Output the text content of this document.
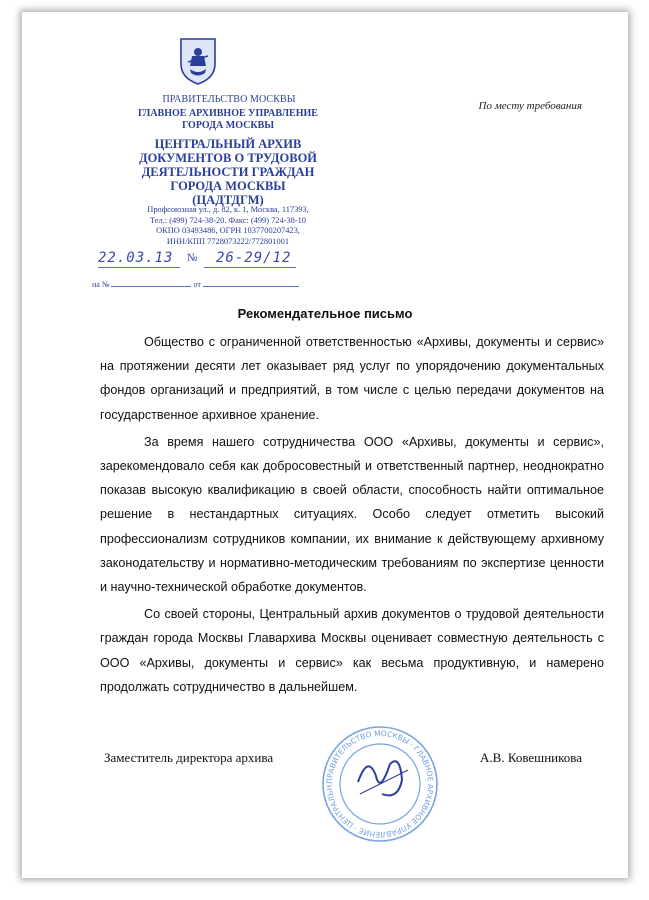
ПРАВИТЕЛЬСТВО МОСКВЫ
ГЛАВНОЕ АРХИВНОЕ УПРАВЛЕНИЕ
ГОРОДА МОСКВЫ
ЦЕНТРАЛЬНЫЙ АРХИВ
ДОКУМЕНТОВ О ТРУДОВОЙ
ДЕЯТЕЛЬНОСТИ ГРАЖДАН
ГОРОДА МОСКВЫ
(ЦАДТДГМ)
Профсоюзная ул., д. 82, к. 1, Москва, 117393,
Тел.: (499) 724-38-20. Факс: (499) 724-38-10
ОКПО 03493486, ОГРН 1037700207423,
ИНН/КПП 7728073222/772801001
По месту требования
22.03.13	№	26-29/12
на №	от
Рекомендательное письмо

Общество с ограниченной ответственностью «Архивы, документы и сервис» на протяжении десяти лет оказывает ряд услуг по упорядочению документальных фондов организаций и предприятий, в том числе с целью передачи документов на государственное архивное хранение.

За время нашего сотрудничества ООО «Архивы, документы и сервис», зарекомендовало себя как добросовестный и ответственный партнер, неоднократно показав высокую квалификацию в своей области, способность найти оптимальное решение в нестандартных ситуациях. Особо следует отметить высокий профессионализм сотрудников компании, их внимание к действующему архивному законодательству и нормативно-методическим требованиям по экспертизе ценности и научно-технической обработке документов.

Со своей стороны, Центральный архив документов о трудовой деятельности граждан города Москвы Главархива Москвы оценивает совместную деятельность с ООО «Архивы, документы и сервис» как весьма продуктивную, и намерено продолжать сотрудничество в дальнейшем.

ПРАВИТЕЛЬСТВО МОСКВЫ · ГЛАВНОЕ АРХИВНОЕ УПРАВЛЕНИЕ · ЦЕНТРАЛЬН
Заместитель директора архива	А.В. Ковешникова
